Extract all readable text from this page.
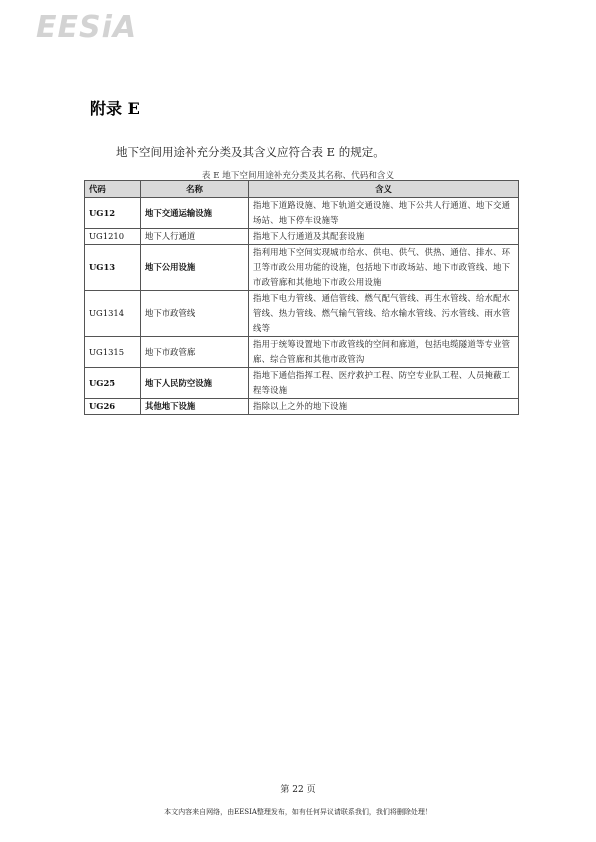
EESiA
附录 E
地下空间用途补充分类及其含义应符合表 E 的规定。
表 E 地下空间用途补充分类及其名称、代码和含义
代码	名称	含义
UG12	地下交通运输设施	指地下道路设施、地下轨道交通设施、地下公共人行通道、地下交通场站、地下停车设施等
UG1210	地下人行通道	指地下人行通道及其配套设施
UG13	地下公用设施	指利用地下空间实现城市给水、供电、供气、供热、通信、排水、环卫等市政公用功能的设施，包括地下市政场站、地下市政管线、地下市政管廊和其他地下市政公用设施
UG1314	地下市政管线	指地下电力管线、通信管线、燃气配气管线、再生水管线、给水配水管线、热力管线、燃气输气管线、给水输水管线、污水管线、雨水管线等
UG1315	地下市政管廊	指用于统筹设置地下市政管线的空间和廊道，包括电缆隧道等专业管廊、综合管廊和其他市政管沟
UG25	地下人民防空设施	指地下通信指挥工程、医疗救护工程、防空专业队工程、人员掩蔽工程等设施
UG26	其他地下设施	指除以上之外的地下设施
第 22 页
本文内容来自网络，由EESIA整理发布，如有任何异议请联系我们，我们将删除处理！
